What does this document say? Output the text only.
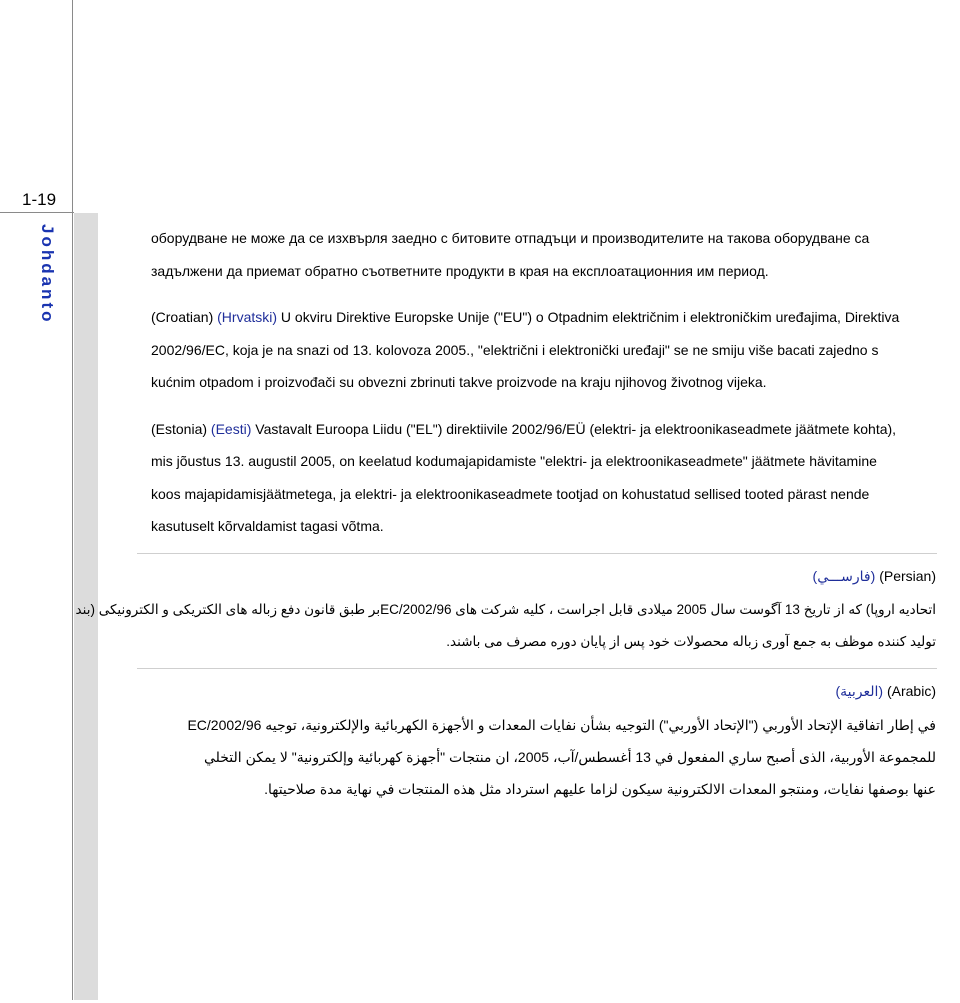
1-19
Johdanto	оборудване не може да се изхвърля заедно с битовите отпадъци и производителите на такова оборудване са

задължени да приемат обратно съответните продукти в края на експлоатационния им период.

(Croatian) (Hrvatski) U okviru Direktive Europske Unije ("EU") o Otpadnim električnim i elektroničkim uređajima, Direktiva

2002/96/EC, koja je na snazi od 13. kolovoza 2005., "električni i elektronički uređaji" se ne smiju više bacati zajedno s

kućnim otpadom i proizvođači su obvezni zbrinuti takve proizvode na kraju njihovog životnog vijeka.

(Estonia) (Eesti) Vastavalt Euroopa Liidu ("EL") direktiivile 2002/96/EÜ (elektri- ja elektroonikaseadmete jäätmete kohta),

mis jõustus 13. augustil 2005, on keelatud kodumajapidamiste "elektri- ja elektroonikaseadmete" jäätmete hävitamine

koos majapidamisjäätmetega, ja elektri- ja elektroonikaseadmete tootjad on kohustatud sellised tooted pärast nende

kasutuselt kõrvaldamist tagasi võtma.

(فارســـي) (Persian)

اتحادیه اروپا) که از تاریخ 13 آگوست سال 2005 میلادی قابل اجراست ، کلیه شرکت های 2002/96/ECبر طبق قانون دفع زباله های الکتریکی و الکترونیکی (بند

تولید کننده موظف به جمع آوری زباله محصولات خود پس از پایان دوره مصرف می باشند.

(العربية) (Arabic)

في إطار اتفاقية الإتحاد الأوربي ("الإتحاد الأوربي") التوجيه بشأن نفايات المعدات و الأجهزة الكهربائية والإلكترونية، توجيه 2002/96/EC

للمجموعة الأوربية، الذى أصبح ساري المفعول في 13 أغسطس/آب، 2005، ان منتجات "أجهزة كهربائية وإلكترونية" لا يمكن التخلي

عنها بوصفها نفايات، ومنتجو المعدات الالكترونية سيكون لزاما عليهم استرداد مثل هذه المنتجات في نهاية مدة صلاحيتها.
